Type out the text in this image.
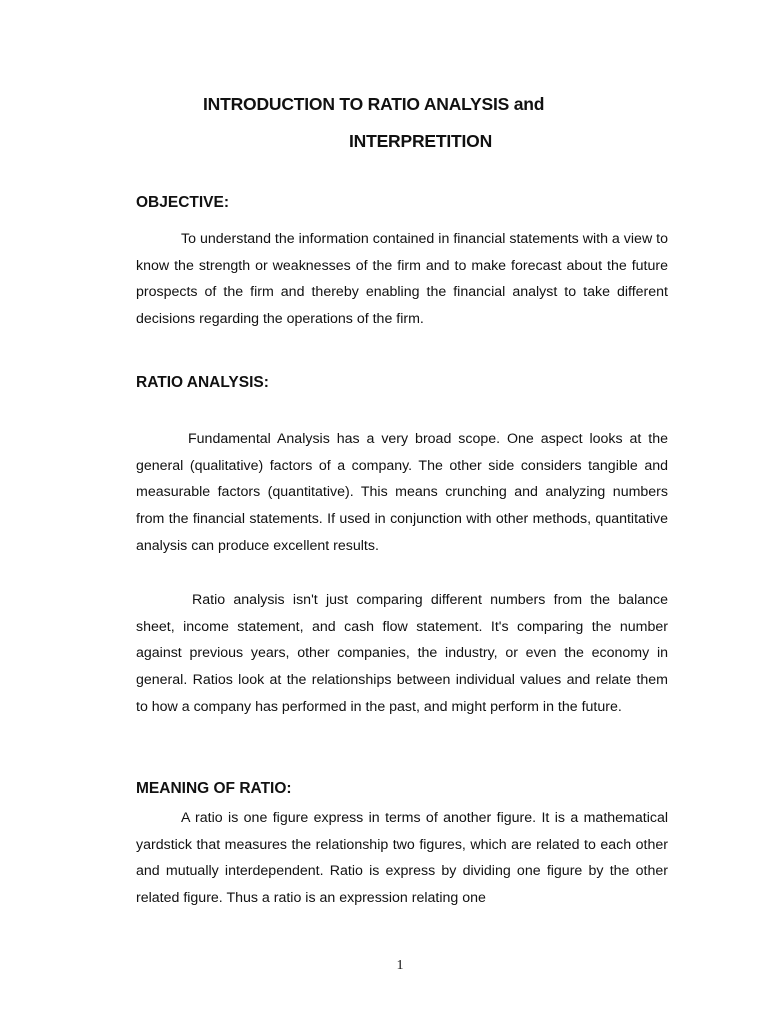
INTRODUCTION TO RATIO ANALYSIS and
INTERPRETITION
OBJECTIVE:

To understand the information contained in financial statements with a view to know the strength or weaknesses of the firm and to make forecast about the future prospects of the firm and thereby enabling the financial analyst to take different decisions regarding the operations of the firm.

RATIO ANALYSIS:

Fundamental Analysis has a very broad scope. One aspect looks at the general (qualitative) factors of a company. The other side considers tangible and measurable factors (quantitative). This means crunching and analyzing numbers from the financial statements. If used in conjunction with other methods, quantitative analysis can produce excellent results.

Ratio analysis isn't just comparing different numbers from the balance sheet, income statement, and cash flow statement. It's comparing the number against previous years, other companies, the industry, or even the economy in general. Ratios look at the relationships between individual values and relate them to how a company has performed in the past, and might perform in the future.

MEANING OF RATIO:

A ratio is one figure express in terms of another figure. It is a mathematical yardstick that measures the relationship two figures, which are related to each other and mutually interdependent. Ratio is express by dividing one figure by the other related figure. Thus a ratio is an expression relating one

1
